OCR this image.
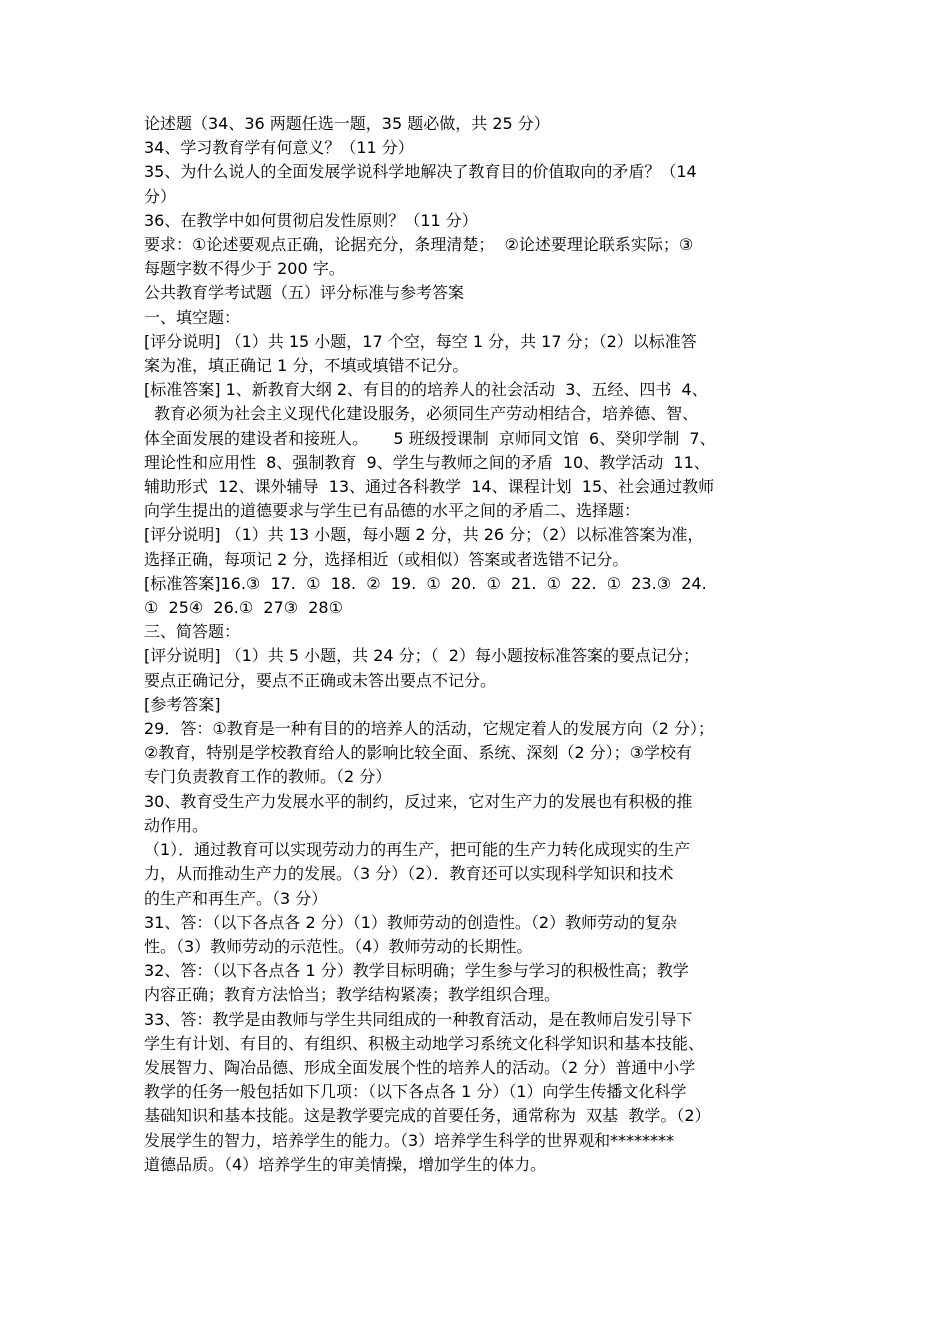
论述题（34、36 两题任选一题，35 题必做，共 25 分）
34、学习教育学有何意义？（11 分）
35、为什么说人的全面发展学说科学地解决了教育目的价值取向的矛盾？（14
分）
36、在教学中如何贯彻启发性原则？（11 分）
要求：①论述要观点正确，论据充分，条理清楚；  ②论述要理论联系实际；③
每题字数不得少于 200 字。
公共教育学考试题（五）评分标准与参考答案
一、填空题：
[评分说明] （1）共 15 小题，17 个空，每空 1 分，共 17 分；（2）以标准答
案为准，填正确记 1 分，不填或填错不记分。
[标准答案] 1、新教育大纲 2、有目的的培养人的社会活动  3、五经、四书  4、
教育必须为社会主义现代化建设服务，必须同生产劳动相结合，培养德、智、
体全面发展的建设者和接班人。     5 班级授课制  京师同文馆  6、癸卯学制  7、
理论性和应用性  8、强制教育  9、学生与教师之间的矛盾  10、教学活动  11、
辅助形式  12、课外辅导  13、通过各科教学  14、课程计划  15、社会通过教师
向学生提出的道德要求与学生已有品德的水平之间的矛盾二、选择题：
[评分说明] （1）共 13 小题，每小题 2 分，共 26 分；（2）以标准答案为准，
选择正确，每项记 2 分，选择相近（或相似）答案或者选错不记分。
[标准答案]16.③  17.  ①  18.  ②  19.  ①  20.  ①  21.  ①  22.  ①  23.③  24.
①  25④  26.①  27③  28①
三、简答题：
[评分说明] （1）共 5 小题，共 24 分；（  2）每小题按标准答案的要点记分；
要点正确记分，要点不正确或未答出要点不记分。
[参考答案]
29．答：①教育是一种有目的的培养人的活动，它规定着人的发展方向（2 分）；
②教育，特别是学校教育给人的影响比较全面、系统、深刻（2 分）；③学校有
专门负责教育工作的教师。（2 分）
30、教育受生产力发展水平的制约，反过来，它对生产力的发展也有积极的推
动作用。
（1）．通过教育可以实现劳动力的再生产，把可能的生产力转化成现实的生产
力，从而推动生产力的发展。（3 分）（2）．教育还可以实现科学知识和技术
的生产和再生产。（3 分）
31、答：（以下各点各 2 分）（1）教师劳动的创造性。（2）教师劳动的复杂
性。（3）教师劳动的示范性。（4）教师劳动的长期性。
32、答：（以下各点各 1 分）教学目标明确；学生参与学习的积极性高；教学
内容正确；教育方法恰当；教学结构紧凑；教学组织合理。
33、答：教学是由教师与学生共同组成的一种教育活动，是在教师启发引导下
学生有计划、有目的、有组织、积极主动地学习系统文化科学知识和基本技能、
发展智力、陶冶品德、形成全面发展个性的培养人的活动。（2 分）普通中小学
教学的任务一般包括如下几项：（以下各点各 1 分）（1）向学生传播文化科学
基础知识和基本技能。这是教学要完成的首要任务，通常称为  双基  教学。（2）
发展学生的智力，培养学生的能力。（3）培养学生科学的世界观和********
道德品质。（4）培养学生的审美情操，增加学生的体力。
